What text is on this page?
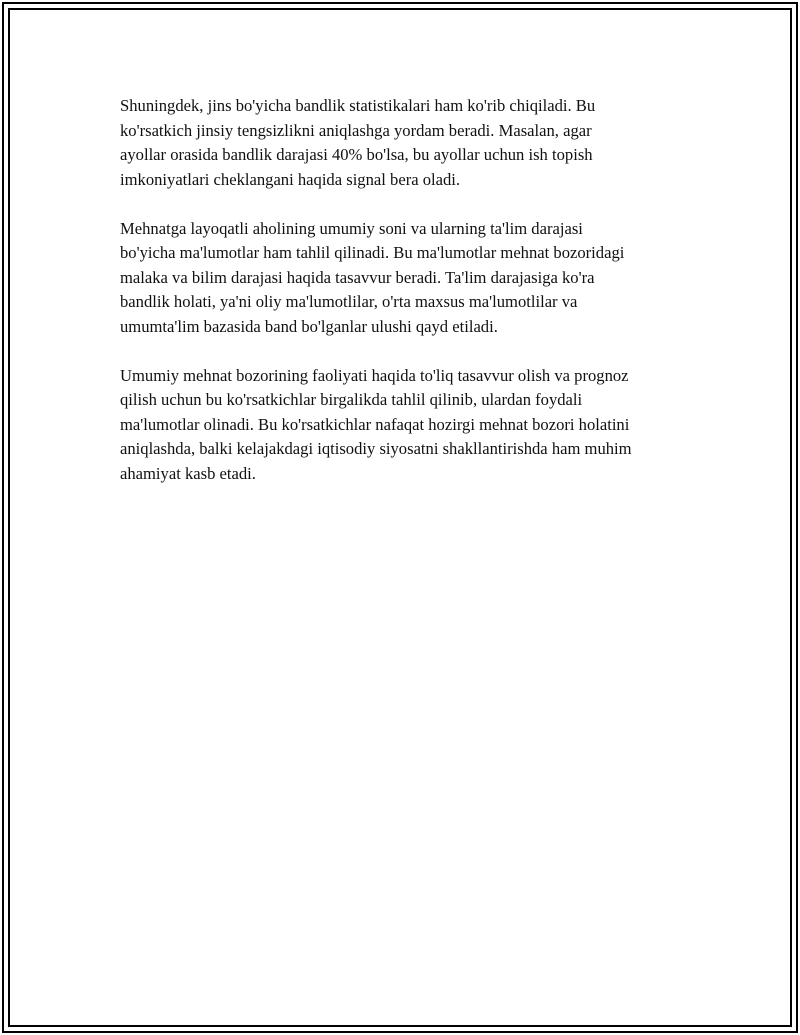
Shuningdek, jins bo'yicha bandlik statistikalari ham ko'rib chiqiladi. Bu
ko'rsatkich jinsiy tengsizlikni aniqlashga yordam beradi. Masalan, agar
ayollar orasida bandlik darajasi 40% bo'lsa, bu ayollar uchun ish topish
imkoniyatlari cheklangani haqida signal bera oladi.

Mehnatga layoqatli aholining umumiy soni va ularning ta'lim darajasi
bo'yicha ma'lumotlar ham tahlil qilinadi. Bu ma'lumotlar mehnat bozoridagi
malaka va bilim darajasi haqida tasavvur beradi. Ta'lim darajasiga ko'ra
bandlik holati, ya'ni oliy ma'lumotlilar, o'rta maxsus ma'lumotlilar va
umumta'lim bazasida band bo'lganlar ulushi qayd etiladi.

Umumiy mehnat bozorining faoliyati haqida to'liq tasavvur olish va prognoz
qilish uchun bu ko'rsatkichlar birgalikda tahlil qilinib, ulardan foydali
ma'lumotlar olinadi. Bu ko'rsatkichlar nafaqat hozirgi mehnat bozori holatini
aniqlashda, balki kelajakdagi iqtisodiy siyosatni shakllantirishda ham muhim
ahamiyat kasb etadi.
